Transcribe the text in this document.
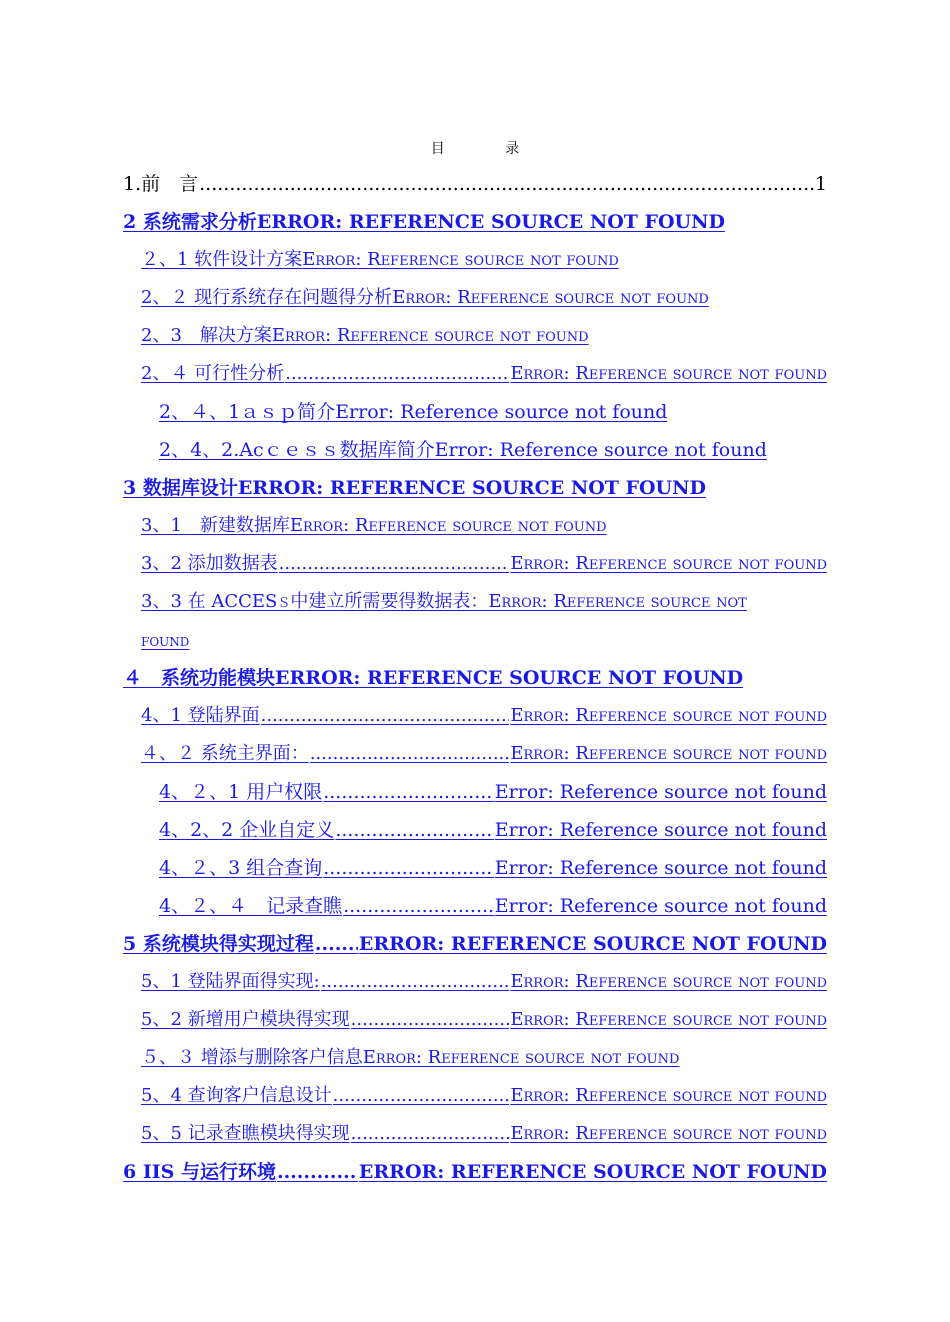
目 录
1.前　言 .....	1
2 系统需求分析 ERROR: REFERENCE SOURCE NOT FOUND
２、1 软件设计方案 Error: Reference source not found
2、２ 现行系统存在问题得分析 Error: Reference source not found
2、3　解决方案 Error: Reference source not found
2、４ 可行性分析 .....	Error: Reference source not found
2、４、1ａｓｐ简介 Error: Reference source not found
2、4、2.Acｃｅｓｓ数据库简介 Error: Reference source not found
3 数据库设计 ERROR: REFERENCE SOURCE NOT FOUND
3、1　新建数据库 Error: Reference source not found
3、2 添加数据表 .....	Error: Reference source not found
3、3 在 ACCESｓ中建立所需要得数据表： Error: Reference source not
found
４　系统功能模块 ERROR: REFERENCE SOURCE NOT FOUND
4、1 登陆界面 .....	Error: Reference source not found
４、２ 系统主界面： .....	Error: Reference source not found
4、２、1 用户权限 .....	Error: Reference source not found
4、2、2 企业自定义 .....	Error: Reference source not found
4、２、3 组合查询 .....	Error: Reference source not found
4、２、４　记录查瞧 .....	Error: Reference source not found
5 系统模块得实现过程 ..... ERROR: REFERENCE SOURCE NOT FOUND
5、1 登陆界面得实现: .....	Error: Reference source not found
5、2 新增用户模块得实现 .....	Error: Reference source not found
５、３ 增添与删除客户信息 Error: Reference source not found
5、4 查询客户信息设计 .....	Error: Reference source not found
5、5 记录查瞧模块得实现 .....	Error: Reference source not found
6 IIS 与运行环境 .....	ERROR: REFERENCE SOURCE NOT FOUND
